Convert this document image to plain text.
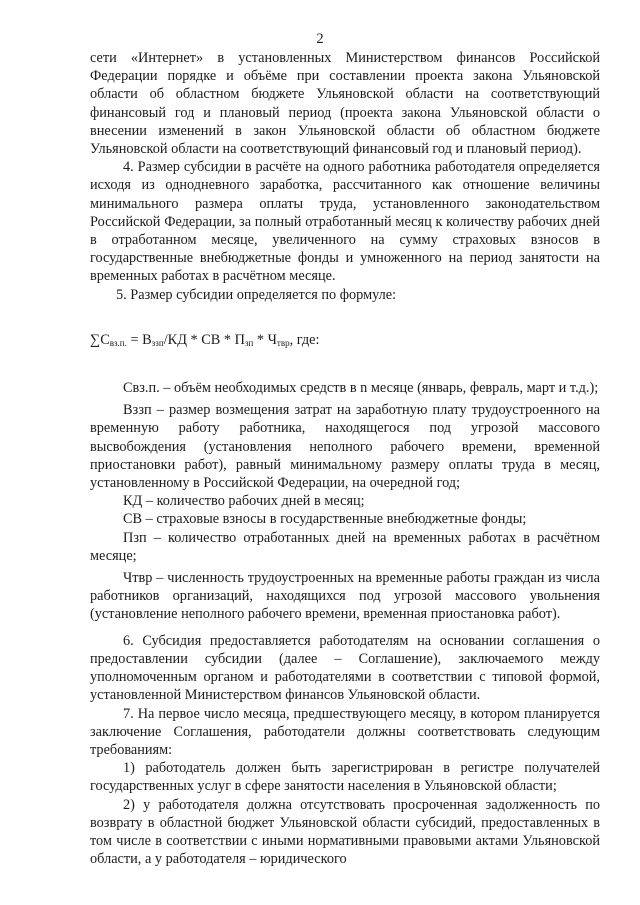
2

сети «Интернет» в установленных Министерством финансов Российской Федерации порядке и объёме при составлении проекта закона Ульяновской области об областном бюджете Ульяновской области на соответствующий финансовый год и плановый период (проекта закона Ульяновской области о внесении изменений в закон Ульяновской области об областном бюджете Ульяновской области на соответствующий финансовый год и плановый период).

4. Размер субсидии в расчёте на одного работника работодателя определяется исходя из однодневного заработка, рассчитанного как отношение величины минимального размера оплаты труда, установленного законодательством Российской Федерации, за полный отработанный месяц к количеству рабочих дней в отработанном месяце, увеличенного на сумму страховых взносов в государственные внебюджетные фонды и умноженного на период занятости на временных работах в расчётном месяце.

5. Размер субсидии определяется по формуле:

$\sum С_{вз.п.} = В_{ззп}/КД$ * СВ * $П_{зп} * Ч_{твр}$, где:

Cвз.п. – объём необходимых средств в n месяце (январь, февраль, март и т.д.);

Вззп – размер возмещения затрат на заработную плату трудоустроенного на временную работу работника, находящегося под угрозой массового высвобождения (установления неполного рабочего времени, временной приостановки работ), равный минимальному размеру оплаты труда в месяц, установленному в Российской Федерации, на очередной год;

КД – количество рабочих дней в месяц;

СВ – страховые взносы в государственные внебюджетные фонды;

Пзп – количество отработанных дней на временных работах в расчётном месяце;

Чтвр – численность трудоустроенных на временные работы граждан из числа работников организаций, находящихся под угрозой массового увольнения (установление неполного рабочего времени, временная приостановка работ).

6. Субсидия предоставляется работодателям на основании соглашения о предоставлении субсидии (далее – Соглашение), заключаемого между уполномоченным органом и работодателями в соответствии с типовой формой, установленной Министерством финансов Ульяновской области.

7. На первое число месяца, предшествующего месяцу, в котором планируется заключение Соглашения, работодатели должны соответствовать следующим требованиям:

1) работодатель должен быть зарегистрирован в регистре получателей государственных услуг в сфере занятости населения в Ульяновской области;

2) у работодателя должна отсутствовать просроченная задолженность по возврату в областной бюджет Ульяновской области субсидий, предоставленных в том числе в соответствии с иными нормативными правовыми актами Ульяновской области, а у работодателя – юридического
